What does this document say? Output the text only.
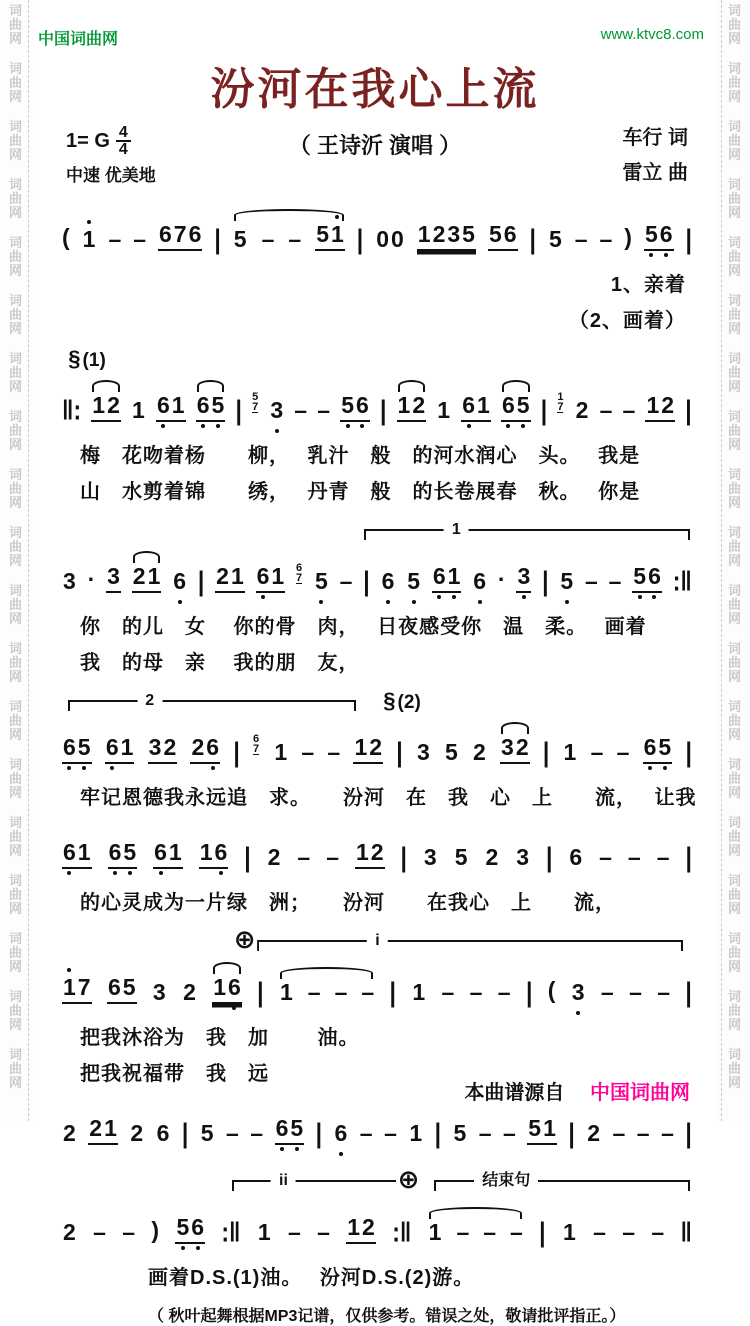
词
曲
网
词
曲
网
词
曲
网
词
曲
网
词
曲
网
词
曲
网
词
曲
网
词
曲
网
词
曲
网
词
曲
网
词
曲
网
词
曲
网
词
曲
网
词
曲
网
词
曲
网
词
曲
网
词
曲
网
词
曲
网
词
曲
网
词
曲
网
词
曲
网
词
曲
网
词
曲
网
词
曲
网
词
曲
网
词
曲
网
词
曲
网
词
曲
网
词
曲
网
词
曲
网
词
曲
网
词
曲
网
词
曲
网
词
曲
网
词
曲
网
词
曲
网
词
曲
网
词
曲
网
中国词曲网	www.ktvc8.com
汾河在我心上流
1= G $\frac{4}{4}$
中速 优美地
（ 王诗沂 演唱 ）	车行 词
雷立 曲
( 1 – – 6 7 6 | 5 – – 5 1 | 0 0 1 2 3 5 5 6 | 5 – – ) 5 6 |
1、亲着
（2、画着）
§ (1)
‖: 1 2 1 6 1 6 5 | 5
7 3 – – 5 6 | 1 2 1 6 1 6 5 | 1
7 2 – – 1 2 |
梅　花吻着杨　　柳，　 乳汁　般　的河水润心　头。　 我是
山　水剪着锦　　绣，　 丹青　般　的长卷展春　秋。　 你是
1
3 · 3 2 1 6 | 2 1 6 1 6
7 5 – | 6 5 6 1 6 · 3 | 5 – – 5 6 :‖
你　的儿　女　 你的骨　肉，　 日夜感受你　温　柔。　 画着
我　的母　亲　 我的朋　友，
2	§ (2)
6 5 6 1 3 2 2 6 | 6
7 1 – – 1 2 | 3 5 2 3 2 | 1 – – 6 5 |
牢记恩德我永远追　求。　　汾河　在　我　心　上　　流，　 让我
6 1 6 5 6 1 1 6 | 2 – – 1 2 | 3 5 2 3 | 6 – – – |
的心灵成为一片绿　洲；　　汾河　　在我心　上　　流，
⊕	i
1 7 6 5 3 2 1 6 | 1 – – – | 1 – – – | ( 3 – – – |
把我沐浴为　我　加　　 油。
把我祝福带　我　远
2 2 1 2 6 | 5 – – 6 5 | 6 – – 1 | 5 – – 5 1 | 2 – – – |
ii	⊕	结束句
2 – – ) 5 6 :‖ 1 – – 1 2 :‖ 1 – – – | 1 – – – ‖
画着D.S.(1)油。　 汾河D.S.(2)游。
（ 秋叶起舞根据MP3记谱，仅供参考。错误之处，敬请批评指正。）
本曲谱源自 中国词曲网
